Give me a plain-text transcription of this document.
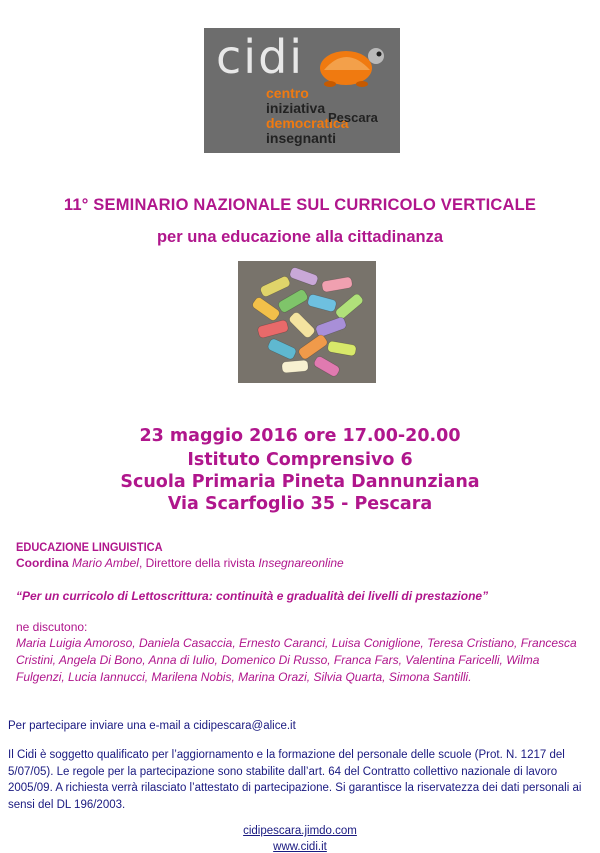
cidi
centro
iniziativa
democratica
insegnanti
Pescara
11° SEMINARIO NAZIONALE SUL CURRICOLO VERTICALE
per una educazione alla cittadinanza
23 maggio 2016 ore 17.00-20.00
Istituto Comprensivo 6
Scuola Primaria Pineta Dannunziana
Via Scarfoglio 35 - Pescara
EDUCAZIONE LINGUISTICA
Coordina Mario Ambel, Direttore della rivista Insegnareonline
“Per un curricolo di Lettoscrittura: continuità e gradualità dei livelli di prestazione”
ne discutono:
Maria Luigia Amoroso, Daniela Casaccia, Ernesto Caranci, Luisa Coniglione, Teresa Cristiano, Francesca Cristini, Angela Di Bono, Anna di Iulio, Domenico Di Russo, Franca Fars, Valentina Faricelli, Wilma Fulgenzi, Lucia Iannucci, Marilena Nobis, Marina Orazi, Silvia Quarta, Simona Santilli.
Per partecipare inviare una e-mail a cidipescara@alice.it
Il Cidi è soggetto qualificato per l’aggiornamento e la formazione del personale delle scuole (Prot. N. 1217 del 5/07/05). Le regole per la partecipazione sono stabilite dall’art. 64 del Contratto collettivo nazionale di lavoro 2005/09. A richiesta verrà rilasciato l’attestato di partecipazione. Si garantisce la riservatezza dei dati personali ai sensi del DL 196/2003.
cidipescara.jimdo.com
www.cidi.it
